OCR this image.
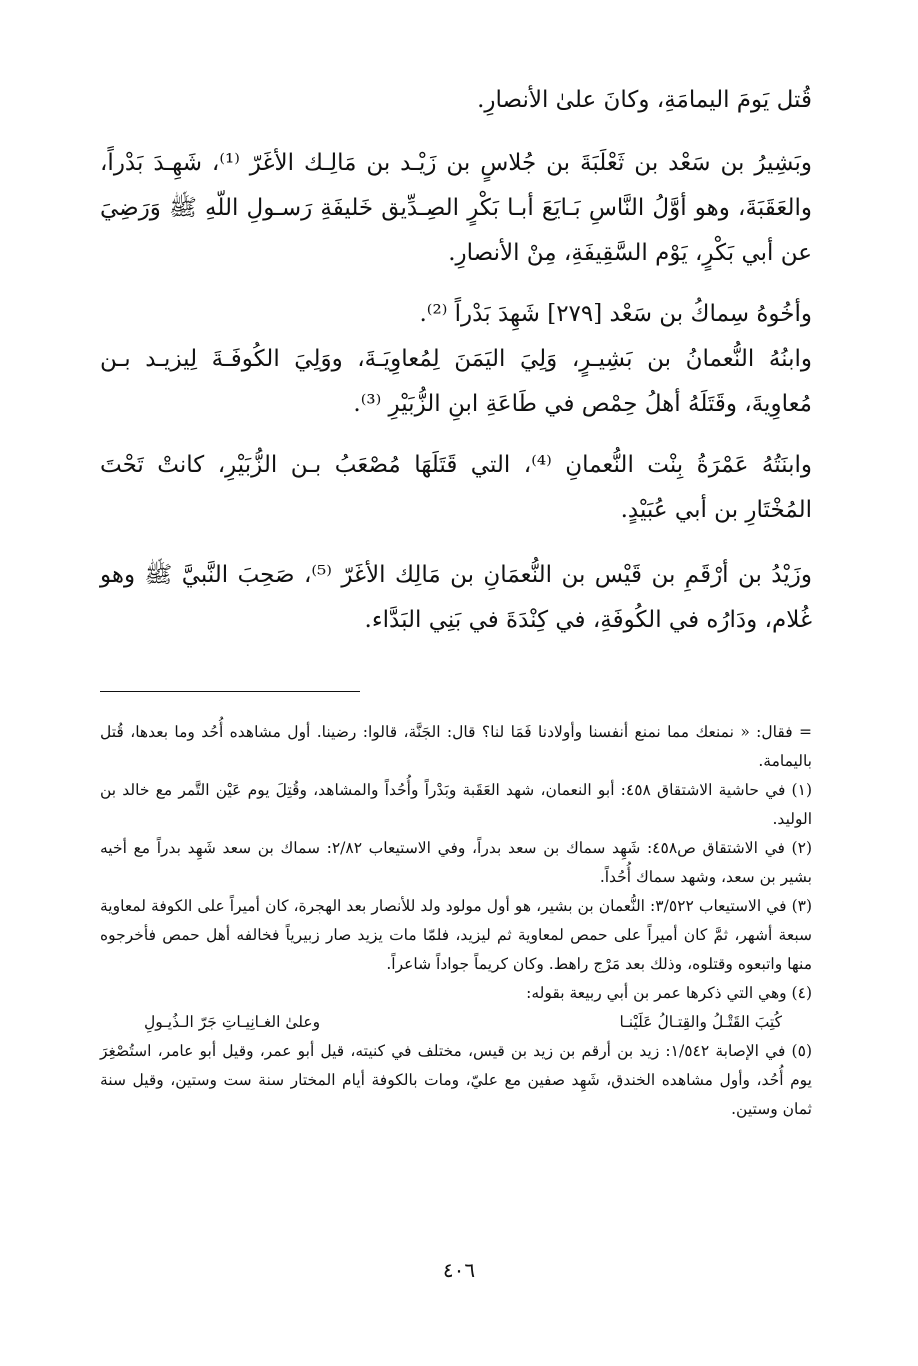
قُتل يَومَ اليمامَةِ، وكانَ علىٰ الأنصارِ.

وبَشِيرُ بن سَعْد بن ثَعْلَبَةَ بن جُلاسٍ بن زَيْـد بن مَالِـك الأغَرّ ⁽¹⁾، شَهِـدَ بَدْراً، والعَقَبَةَ، وهو أوَّلُ النَّاسِ بَـايَعَ أبـا بَكْرٍ الصِـدِّيق خَليفَةِ رَسـولِ اللّهِ ﷺ وَرَضِيَ عن أبي بَكْرٍ، يَوْم السَّقِيفَةِ، مِنْ الأنصارِ.

وأخُوهُ سِماكُ بن سَعْد [٢٧٩] شَهِدَ بَدْراً ⁽²⁾.

وابنُهُ النُّعمانُ بن بَشِيـرٍ، وَلِيَ اليَمَنَ لِمُعاوِيَـةَ، ووَلِيَ الكُوفَـةَ لِيزيـد بـن مُعاوِيةَ، وقَتَلَهُ أهلُ حِمْص في طَاعَةِ ابنِ الزُّبَيْرِ ⁽³⁾.

وابنَتُهُ عَمْرَةُ بِنْت النُّعمانِ ⁽⁴⁾، التي قَتَلَهَا مُصْعَبُ بـن الزُّبَيْرِ، كانتْ تَحْتَ المُخْتَارِ بن أبي عُبَيْدٍ.

وزَيْدُ بن أرْقَمِ بن قَيْس بن النُّعمَانِ بن مَالِك الأغَرّ ⁽⁵⁾، صَحِبَ النَّبيَّ ﷺ وهو غُلام، ودَارُه في الكُوفَةِ، في كِنْدَةَ في بَنِي البَدَّاء.

= فقال: « نمنعك مما نمنع أنفسنا وأولادنا فَمَا لنا؟ قال: الجَنَّة، قالوا: رضينا. أول مشاهده أُحُد وما بعدها، قُتل باليمامة.

(١) في حاشية الاشتقاق ٤٥٨: أبو النعمان، شهد العَقَبة وبَدْراً وأُحُداً والمشاهد، وقُتِلَ يوم عَيْن التَّمر مع خالد بن الوليد.

(٢) في الاشتقاق ص٤٥٨: شَهِد سماك بن سعد بدراً، وفي الاستيعاب ٢/٨٢: سماك بن سعد شَهِد بدراً مع أخيه بشير بن سعد، وشهد سماك أُحُداً.

(٣) في الاستيعاب ٣/٥٢٢: النُّعمان بن بشير، هو أول مولود ولد للأنصار بعد الهجرة، كان أميراً على الكوفة لمعاوية سبعة أشهر، ثمَّ كان أميراً على حمص لمعاوية ثم ليزيد، فلمّا مات يزيد صار زبيرياً فخالفه أهل حمص فأخرجوه منها واتبعوه وقتلوه، وذلك بعد مَرْج راهط. وكان كريماً جواداً شاعراً.

(٤) وهي التي ذكرها عمر بن أبي ربيعة بقوله:

كُتِبَ القَتْـلُ والقِتـالُ عَلَيْنـا
وعلىٰ الغـانِيـاتِ جَرّ الـذُيـولِ

(٥) في الإصابة ١/٥٤٢: زيد بن أرقم بن زيد بن قيس، مختلف في كنيته، قيل أبو عمر، وقيل أبو عامر، استُصْغِرَ يوم أُحُد، وأول مشاهده الخندق، شَهِد صفين مع عليّ، ومات بالكوفة أيام المختار سنة ست وستين، وقيل سنة ثمان وستين.

٤٠٦
